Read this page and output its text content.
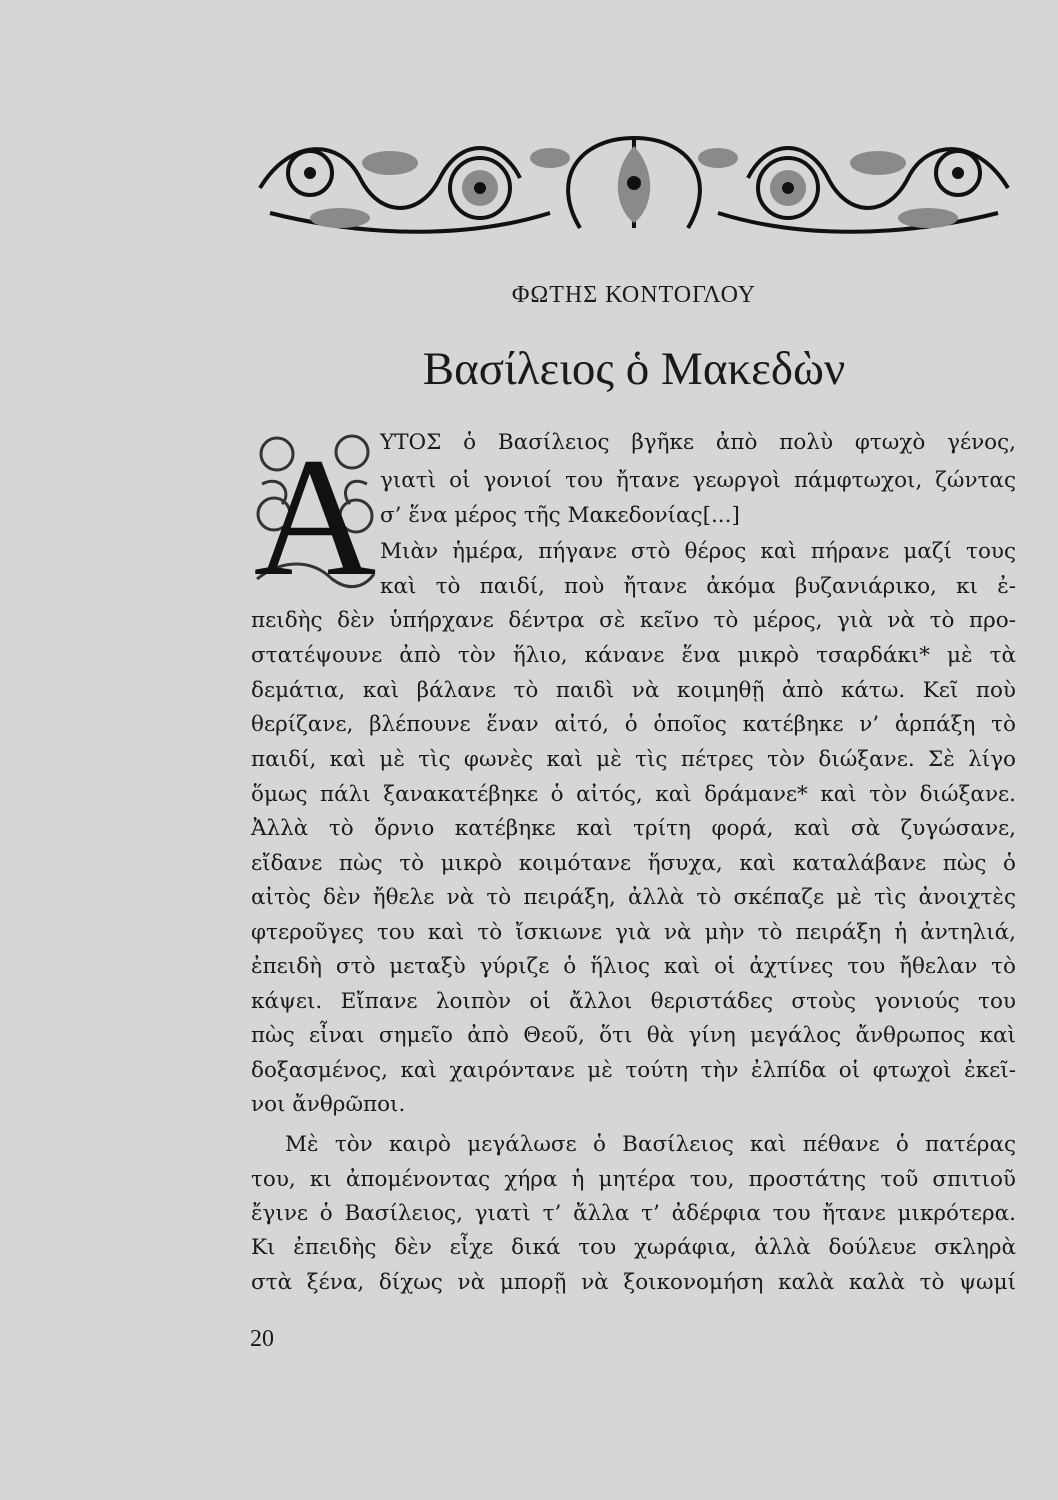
ΦΩΤΗΣ ΚΟΝΤΟΓΛΟΥ
Βασίλειος ὁ Μακεδὼν
Α ΥΤΟΣ ὁ Βασίλειος βγῆκε ἀπὸ πολὺ φτωχὸ γένος,
γιατὶ οἱ γονιοί του ἤτανε γεωργοὶ πάμφτωχοι, ζώντας
σ’ ἕνα μέρος τῆς Μακεδονίας[...]
Μιὰν ἡμέρα, πήγανε στὸ θέρος καὶ πήρανε μαζί τους
καὶ τὸ παιδί, ποὺ ἤτανε ἀκόμα βυζανιάρικο, κι ἐ-
πειδὴς δὲν ὑπήρχανε δέντρα σὲ κεῖνο τὸ μέρος, γιὰ νὰ τὸ προ-
στατέψουνε ἀπὸ τὸν ἥλιο, κάνανε ἕνα μικρὸ τσαρδάκι* μὲ τὰ
δεμάτια, καὶ βάλανε τὸ παιδὶ νὰ κοιμηθῇ ἀπὸ κάτω. Κεῖ ποὺ
θερίζανε, βλέπουνε ἕναν αἰτό, ὁ ὁποῖος κατέβηκε ν’ ἁρπάξη τὸ
παιδί, καὶ μὲ τὶς φωνὲς καὶ μὲ τὶς πέτρες τὸν διώξανε. Σὲ λίγο
ὅμως πάλι ξανακατέβηκε ὁ αἰτός, καὶ δράμανε* καὶ τὸν διώξανε.
Ἀλλὰ τὸ ὄρνιο κατέβηκε καὶ τρίτη φορά, καὶ σὰ ζυγώσανε,
εἴδανε πὼς τὸ μικρὸ κοιμότανε ἥσυχα, καὶ καταλάβανε πὼς ὁ
αἰτὸς δὲν ἤθελε νὰ τὸ πειράξη, ἀλλὰ τὸ σκέπαζε μὲ τὶς ἀνοιχτὲς
φτεροῦγες του καὶ τὸ ἴσκιωνε γιὰ νὰ μὴν τὸ πειράξη ἡ ἀντηλιά,
ἐπειδὴ στὸ μεταξὺ γύριζε ὁ ἥλιος καὶ οἱ ἀχτίνες του ἤθελαν τὸ
κάψει. Εἴπανε λοιπὸν οἱ ἄλλοι θεριστάδες στοὺς γονιούς του
πὼς εἶναι σημεῖο ἀπὸ Θεοῦ, ὅτι θὰ γίνη μεγάλος ἄνθρωπος καὶ
δοξασμένος, καὶ χαιρόντανε μὲ τούτη τὴν ἐλπίδα οἱ φτωχοὶ ἐκεῖ-
νοι ἄνθρῶποι.
Μὲ τὸν καιρὸ μεγάλωσε ὁ Βασίλειος καὶ πέθανε ὁ πατέρας
του, κι ἀπομένοντας χήρα ἡ μητέρα του, προστάτης τοῦ σπιτιοῦ
ἔγινε ὁ Βασίλειος, γιατὶ τ’ ἄλλα τ’ ἀδέρφια του ἤτανε μικρότερα.
Κι ἐπειδὴς δὲν εἶχε δικά του χωράφια, ἀλλὰ δούλευε σκληρὰ
στὰ ξένα, δίχως νὰ μπορῇ νὰ ξοικονομήση καλὰ καλὰ τὸ ψωμί
20
